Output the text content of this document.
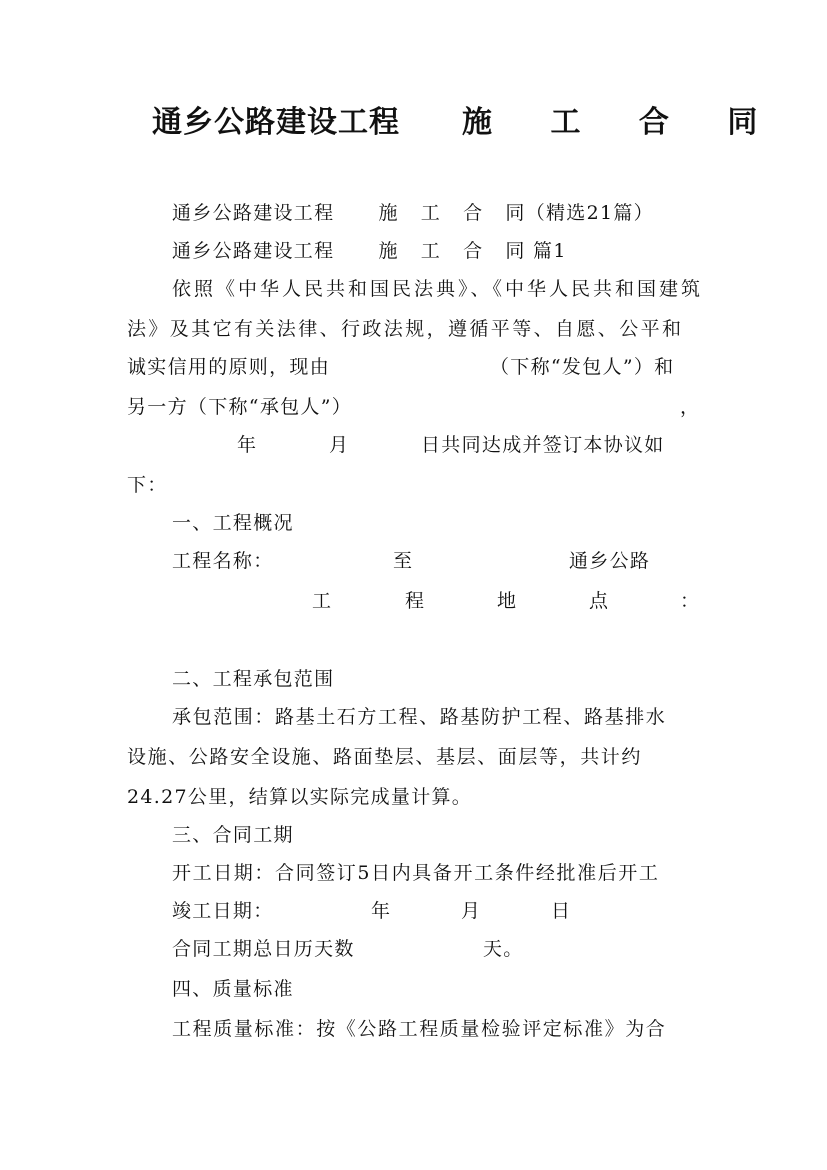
通乡公路建设工程

施 工 合 同

通乡公路建设工程      施   工   合   同（精选21篇）
通乡公路建设工程      施   工   合   同 篇1
依照《中华人民共和国民法典》、《中华人民共和国建筑
法》及其它有关法律、行政法规，遵循平等、自愿、公平和
诚实信用的原则，现由	（下称“发包人”）和
另一方（下称“承包人”）	，
年	月	日共同达成并签订本协议如
下：
一、工程概况
工程名称：	至	通乡公路
工	程	地	点	：
二、工程承包范围
承包范围：路基土石方工程、路基防护工程、路基排水
设施、公路安全设施、路面垫层、基层、面层等，共计约
24.27公里，结算以实际完成量计算。
三、合同工期
开工日期：合同签订5日内具备开工条件经批准后开工
竣工日期：	年	月	日
合同工期总日历天数	天。
四、质量标准
工程质量标准：按《公路工程质量检验评定标准》为合
